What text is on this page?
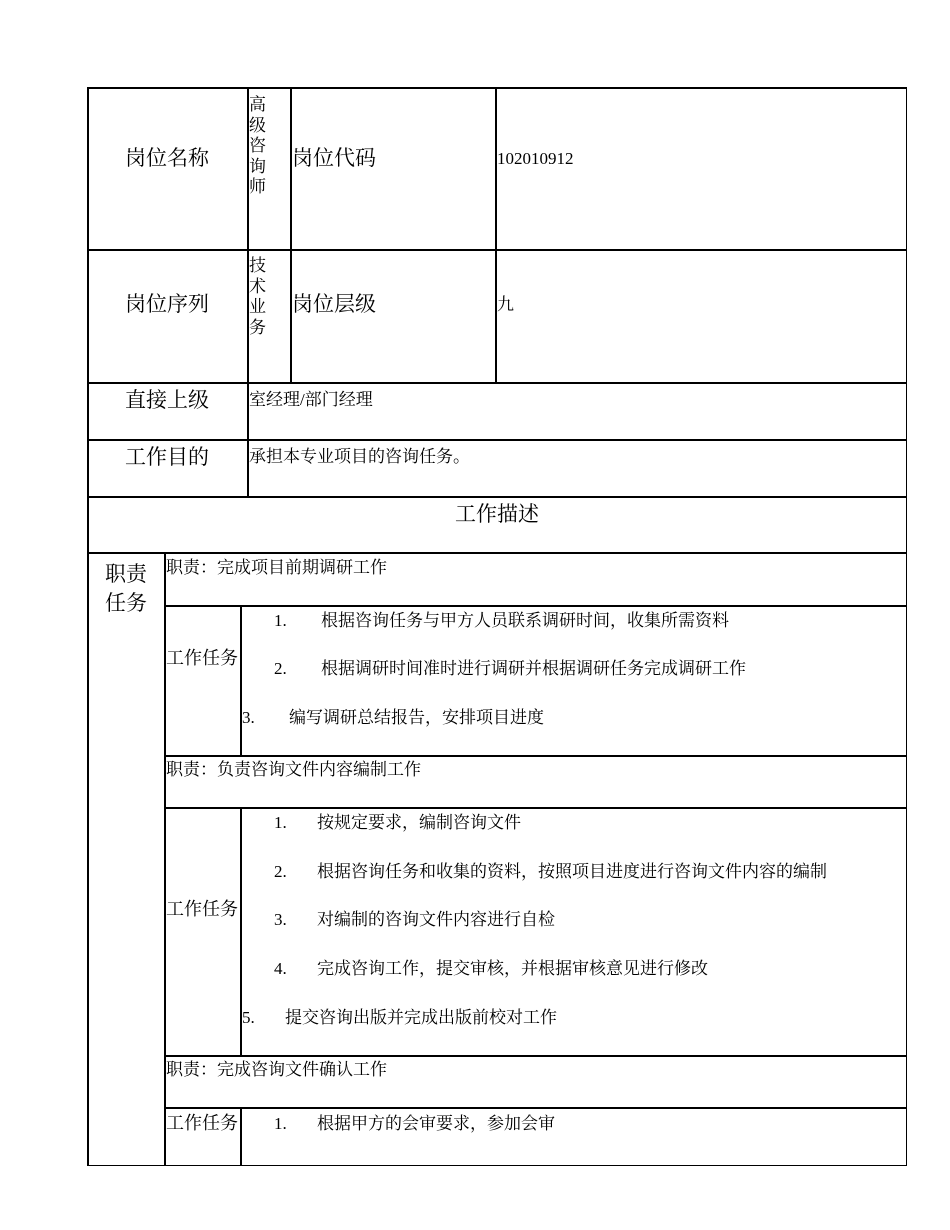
岗位名称
高级咨询师
岗位代码	102010912
岗位序列
技术业务
岗位层级	九
直接上级 室经理/部门经理
工作目的 承担本专业项目的咨询任务。
工作描述
职责任务
职责：完成项目前期调研工作
工作任务
1. 根据咨询任务与甲方人员联系调研时间，收集所需资料
2. 根据调研时间准时进行调研并根据调研任务完成调研工作
3. 编写调研总结报告，安排项目进度
职责：负责咨询文件内容编制工作
工作任务
1. 按规定要求，编制咨询文件
2. 根据咨询任务和收集的资料，按照项目进度进行咨询文件内容的编制
3. 对编制的咨询文件内容进行自检
4. 完成咨询工作，提交审核，并根据审核意见进行修改
5. 提交咨询出版并完成出版前校对工作
职责：完成咨询文件确认工作
工作任务 1. 根据甲方的会审要求，参加会审
